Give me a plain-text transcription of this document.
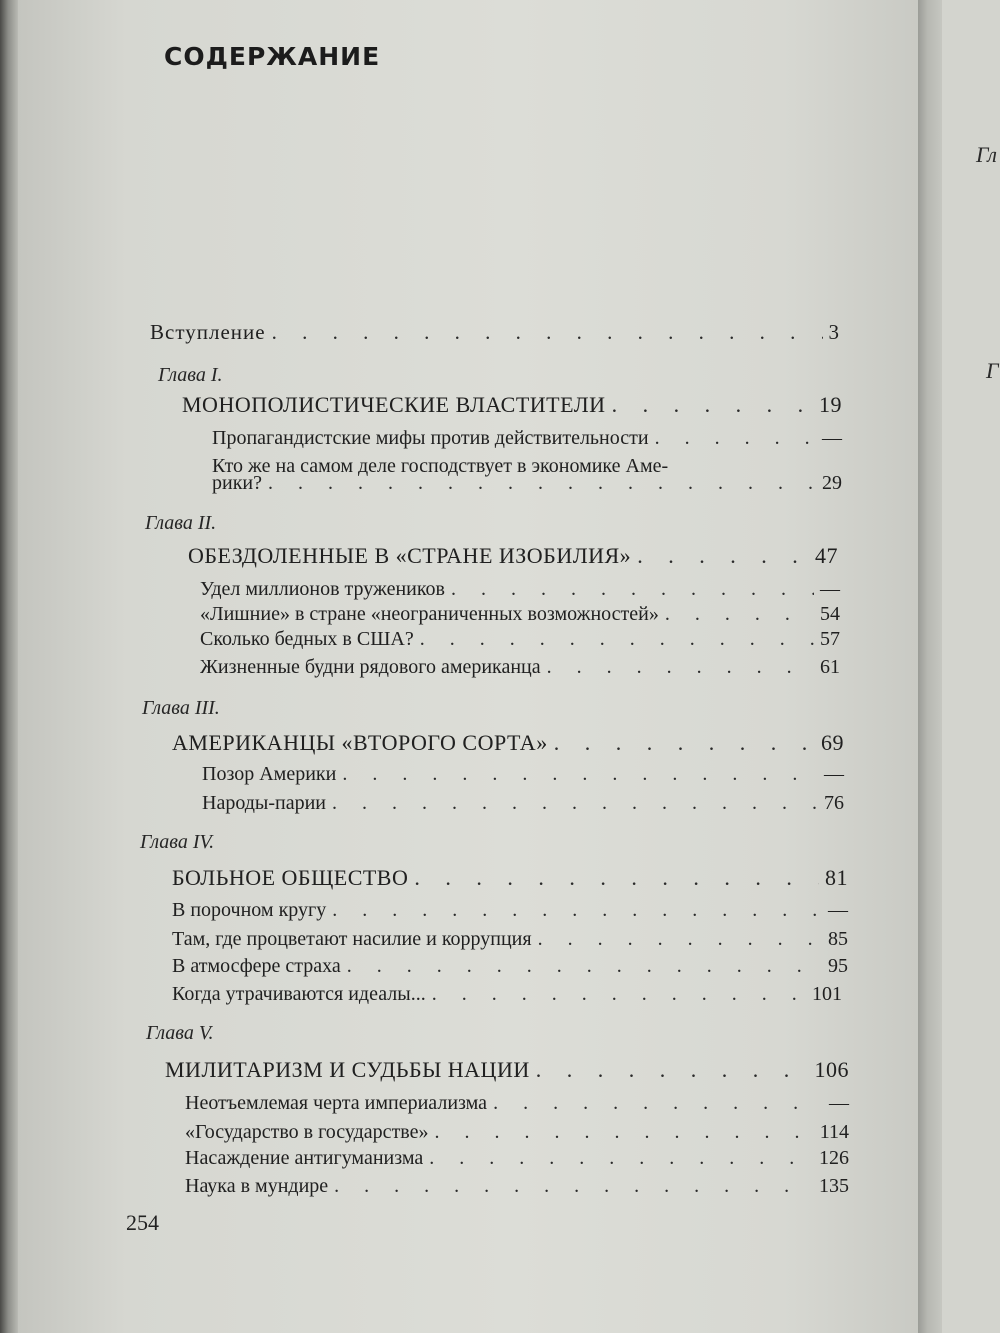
Гл
Г
СОДЕРЖАНИЕ
Вступление . . .	3
Глава I.
МОНОПОЛИСТИЧЕСКИЕ ВЛАСТИТЕЛИ . . .	19
Пропагандистские мифы против действительности . . .	—
Кто же на самом деле господствует в экономике Аме-
рики? . . .	29
Глава II.
ОБЕЗДОЛЕННЫЕ В «СТРАНЕ ИЗОБИЛИЯ» . . .	47
Удел миллионов тружеников . . .	—
«Лишние» в стране «неограниченных возможностей» . . .	54
Сколько бедных в США? . . .	57
Жизненные будни рядового американца . . .	61
Глава III.
АМЕРИКАНЦЫ «ВТОРОГО СОРТА» . . .	69
Позор Америки . . .	—
Народы-парии . . .	76
Глава IV.
БОЛЬНОЕ ОБЩЕСТВО . . .	81
В порочном кругу . . .	—
Там, где процветают насилие и коррупция . . .	85
В атмосфере страха . . .	95
Когда утрачиваются идеалы... . . .	101
Глава V.
МИЛИТАРИЗМ И СУДЬБЫ НАЦИИ . . .	106
Неотъемлемая черта империализма . . .	—
«Государство в государстве» . . .	114
Насаждение антигуманизма . . .	126
Наука в мундире . . .	135
254
